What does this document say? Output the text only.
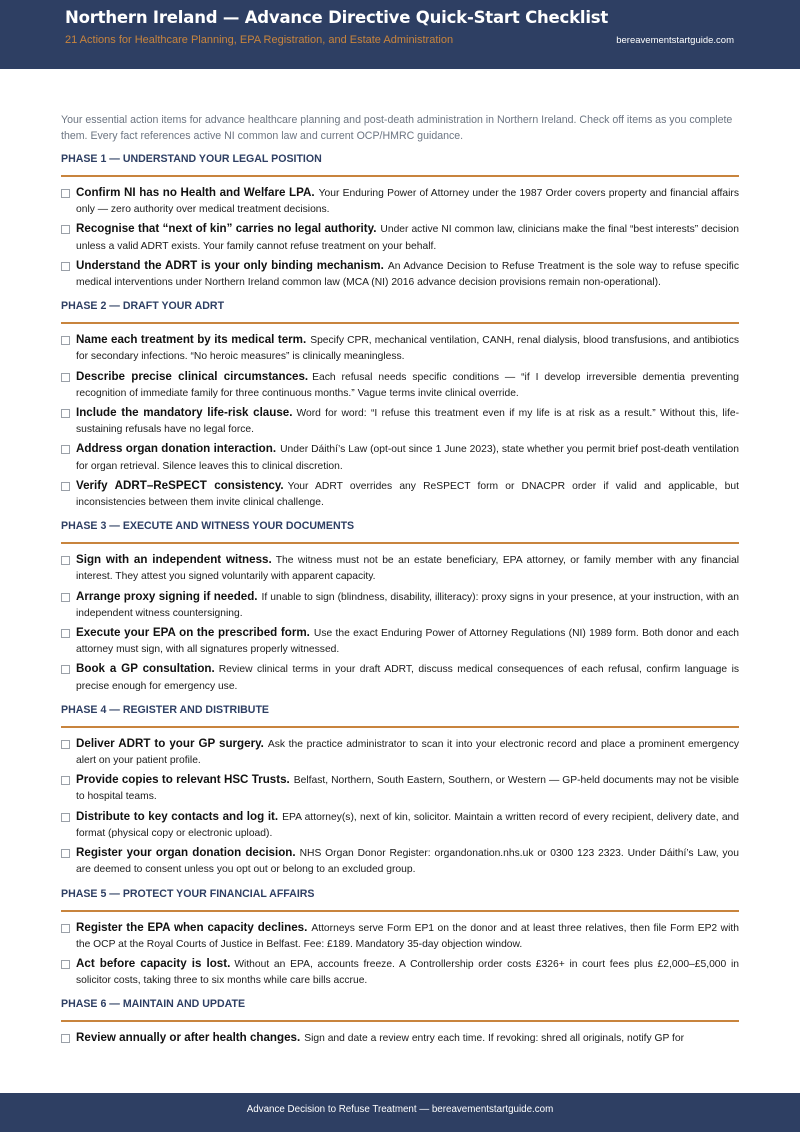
Northern Ireland — Advance Directive Quick-Start Checklist
21 Actions for Healthcare Planning, EPA Registration, and Estate Administration	bereavementstartguide.com

Your essential action items for advance healthcare planning and post-death administration in Northern Ireland. Check off items as you complete them. Every fact references active NI common law and current OCP/HMRC guidance.

PHASE 1 — UNDERSTAND YOUR LEGAL POSITION
Confirm NI has no Health and Welfare LPA. Your Enduring Power of Attorney under the 1987 Order covers property and financial affairs only — zero authority over medical treatment decisions.
Recognise that “next of kin” carries no legal authority. Under active NI common law, clinicians make the final “best interests” decision unless a valid ADRT exists. Your family cannot refuse treatment on your behalf.
Understand the ADRT is your only binding mechanism. An Advance Decision to Refuse Treatment is the sole way to refuse specific medical interventions under Northern Ireland common law (MCA (NI) 2016 advance decision provisions remain non-operational).
PHASE 2 — DRAFT YOUR ADRT
Name each treatment by its medical term. Specify CPR, mechanical ventilation, CANH, renal dialysis, blood transfusions, and antibiotics for secondary infections. “No heroic measures” is clinically meaningless.
Describe precise clinical circumstances. Each refusal needs specific conditions — “if I develop irreversible dementia preventing recognition of immediate family for three continuous months.” Vague terms invite clinical override.
Include the mandatory life-risk clause. Word for word: “I refuse this treatment even if my life is at risk as a result.” Without this, life-sustaining refusals have no legal force.
Address organ donation interaction. Under Dáithí’s Law (opt-out since 1 June 2023), state whether you permit brief post-death ventilation for organ retrieval. Silence leaves this to clinical discretion.
Verify ADRT–ReSPECT consistency. Your ADRT overrides any ReSPECT form or DNACPR order if valid and applicable, but inconsistencies between them invite clinical challenge.
PHASE 3 — EXECUTE AND WITNESS YOUR DOCUMENTS
Sign with an independent witness. The witness must not be an estate beneficiary, EPA attorney, or family member with any financial interest. They attest you signed voluntarily with apparent capacity.
Arrange proxy signing if needed. If unable to sign (blindness, disability, illiteracy): proxy signs in your presence, at your instruction, with an independent witness countersigning.
Execute your EPA on the prescribed form. Use the exact Enduring Power of Attorney Regulations (NI) 1989 form. Both donor and each attorney must sign, with all signatures properly witnessed.
Book a GP consultation. Review clinical terms in your draft ADRT, discuss medical consequences of each refusal, confirm language is precise enough for emergency use.
PHASE 4 — REGISTER AND DISTRIBUTE
Deliver ADRT to your GP surgery. Ask the practice administrator to scan it into your electronic record and place a prominent emergency alert on your patient profile.
Provide copies to relevant HSC Trusts. Belfast, Northern, South Eastern, Southern, or Western — GP-held documents may not be visible to hospital teams.
Distribute to key contacts and log it. EPA attorney(s), next of kin, solicitor. Maintain a written record of every recipient, delivery date, and format (physical copy or electronic upload).
Register your organ donation decision. NHS Organ Donor Register: organdonation.nhs.uk or 0300 123 2323. Under Dáithí’s Law, you are deemed to consent unless you opt out or belong to an excluded group.
PHASE 5 — PROTECT YOUR FINANCIAL AFFAIRS
Register the EPA when capacity declines. Attorneys serve Form EP1 on the donor and at least three relatives, then file Form EP2 with the OCP at the Royal Courts of Justice in Belfast. Fee: £189. Mandatory 35-day objection window.
Act before capacity is lost. Without an EPA, accounts freeze. A Controllership order costs £326+ in court fees plus £2,000–£5,000 in solicitor costs, taking three to six months while care bills accrue.
PHASE 6 — MAINTAIN AND UPDATE
Review annually or after health changes. Sign and date a review entry each time. If revoking: shred all originals, notify GP for
Advance Decision to Refuse Treatment — bereavementstartguide.com
